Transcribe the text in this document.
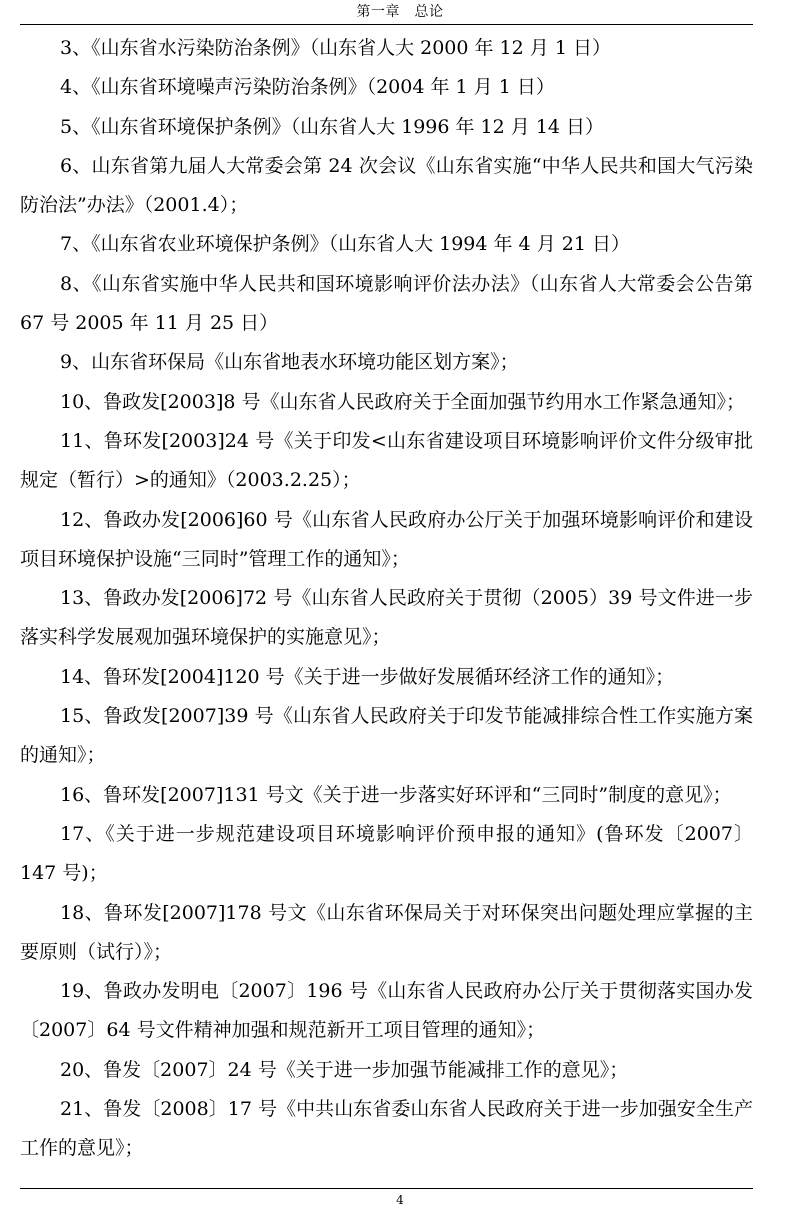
第一章　总论

3、《山东省水污染防治条例》（山东省人大 2000 年 12 月 1 日）

4、《山东省环境噪声污染防治条例》（2004 年 1 月 1 日）

5、《山东省环境保护条例》（山东省人大 1996 年 12 月 14 日）

6、山东省第九届人大常委会第 24 次会议《山东省实施“中华人民共和国大气污染防治法”办法》（2001.4）；

7、《山东省农业环境保护条例》（山东省人大 1994 年 4 月 21 日）

8、《山东省实施中华人民共和国环境影响评价法办法》（山东省人大常委会公告第 67 号 2005 年 11 月 25 日）

9、山东省环保局《山东省地表水环境功能区划方案》；

10、鲁政发[2003]8 号《山东省人民政府关于全面加强节约用水工作紧急通知》；

11、鲁环发[2003]24 号《关于印发<山东省建设项目环境影响评价文件分级审批规定（暂行）>的通知》（2003.2.25）；

12、鲁政办发[2006]60 号《山东省人民政府办公厅关于加强环境影响评价和建设项目环境保护设施“三同时”管理工作的通知》；

13、鲁政办发[2006]72 号《山东省人民政府关于贯彻（2005）39 号文件进一步落实科学发展观加强环境保护的实施意见》；

14、鲁环发[2004]120 号《关于进一步做好发展循环经济工作的通知》；

15、鲁政发[2007]39 号《山东省人民政府关于印发节能减排综合性工作实施方案的通知》；

16、鲁环发[2007]131 号文《关于进一步落实好环评和“三同时”制度的意见》；

17、《关于进一步规范建设项目环境影响评价预申报的通知》(鲁环发〔2007〕147 号)；

18、鲁环发[2007]178 号文《山东省环保局关于对环保突出问题处理应掌握的主要原则（试行）》；

19、鲁政办发明电〔2007〕196 号《山东省人民政府办公厅关于贯彻落实国办发〔2007〕64 号文件精神加强和规范新开工项目管理的通知》；

20、鲁发〔2007〕24 号《关于进一步加强节能减排工作的意见》；

21、鲁发〔2008〕17 号《中共山东省委山东省人民政府关于进一步加强安全生产工作的意见》；

4
